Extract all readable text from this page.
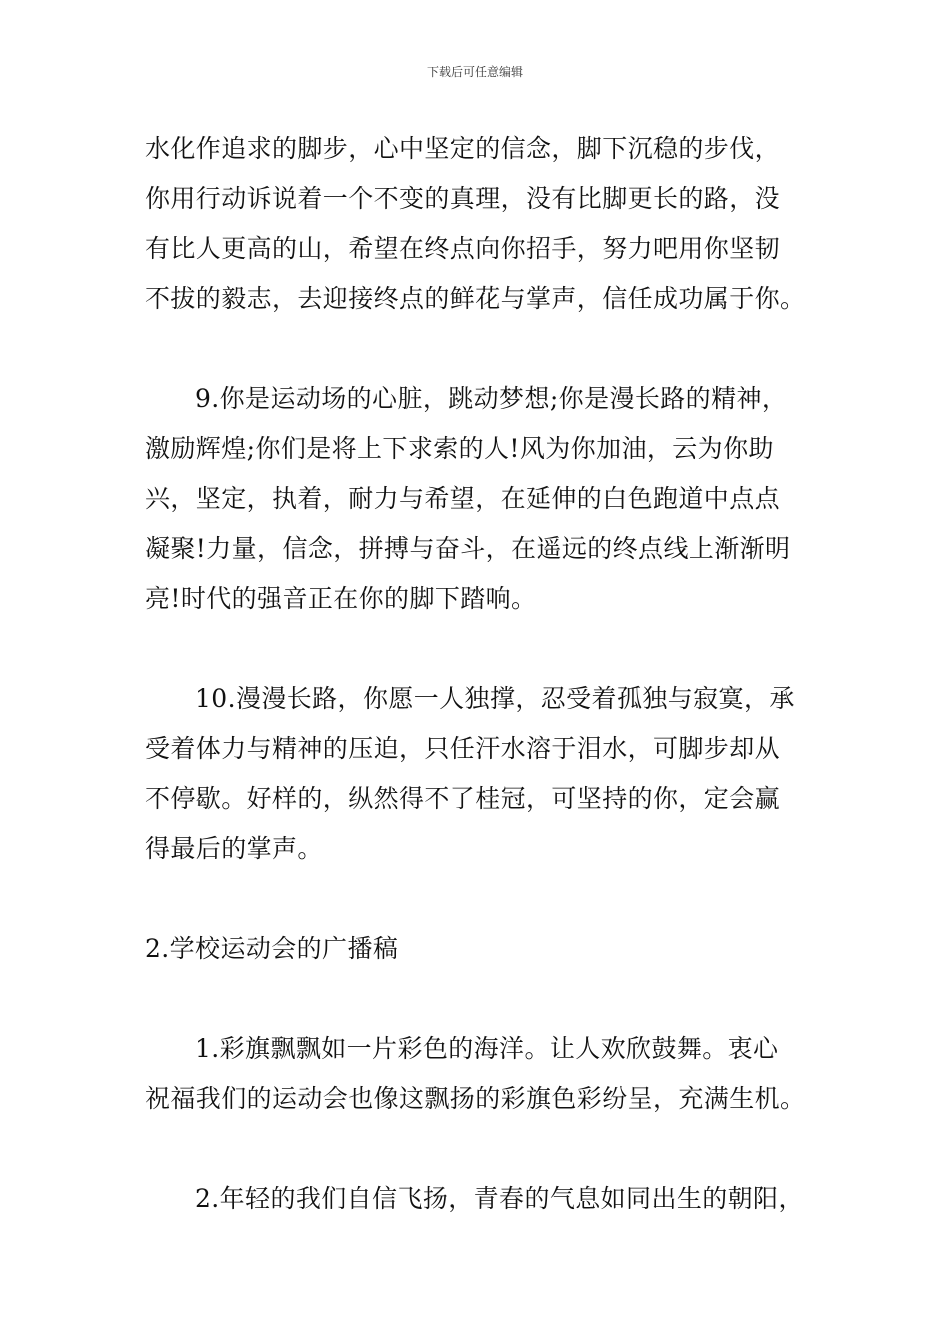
下载后可任意编辑
水化作追求的脚步，心中坚定的信念，脚下沉稳的步伐，
你用行动诉说着一个不变的真理，没有比脚更长的路，没
有比人更高的山，希望在终点向你招手，努力吧用你坚韧
不拔的毅志，去迎接终点的鲜花与掌声，信任成功属于你。
9.你是运动场的心脏，跳动梦想;你是漫长路的精神，
激励辉煌;你们是将上下求索的人!风为你加油，云为你助
兴，坚定，执着，耐力与希望，在延伸的白色跑道中点点
凝聚!力量，信念，拼搏与奋斗，在遥远的终点线上渐渐明
亮!时代的强音正在你的脚下踏响。
10.漫漫长路，你愿一人独撑，忍受着孤独与寂寞，承
受着体力与精神的压迫，只任汗水溶于泪水，可脚步却从
不停歇。好样的，纵然得不了桂冠，可坚持的你，定会赢
得最后的掌声。
2.学校运动会的广播稿
1.彩旗飘飘如一片彩色的海洋。让人欢欣鼓舞。衷心
祝福我们的运动会也像这飘扬的彩旗色彩纷呈，充满生机。
2.年轻的我们自信飞扬，青春的气息如同出生的朝阳，
